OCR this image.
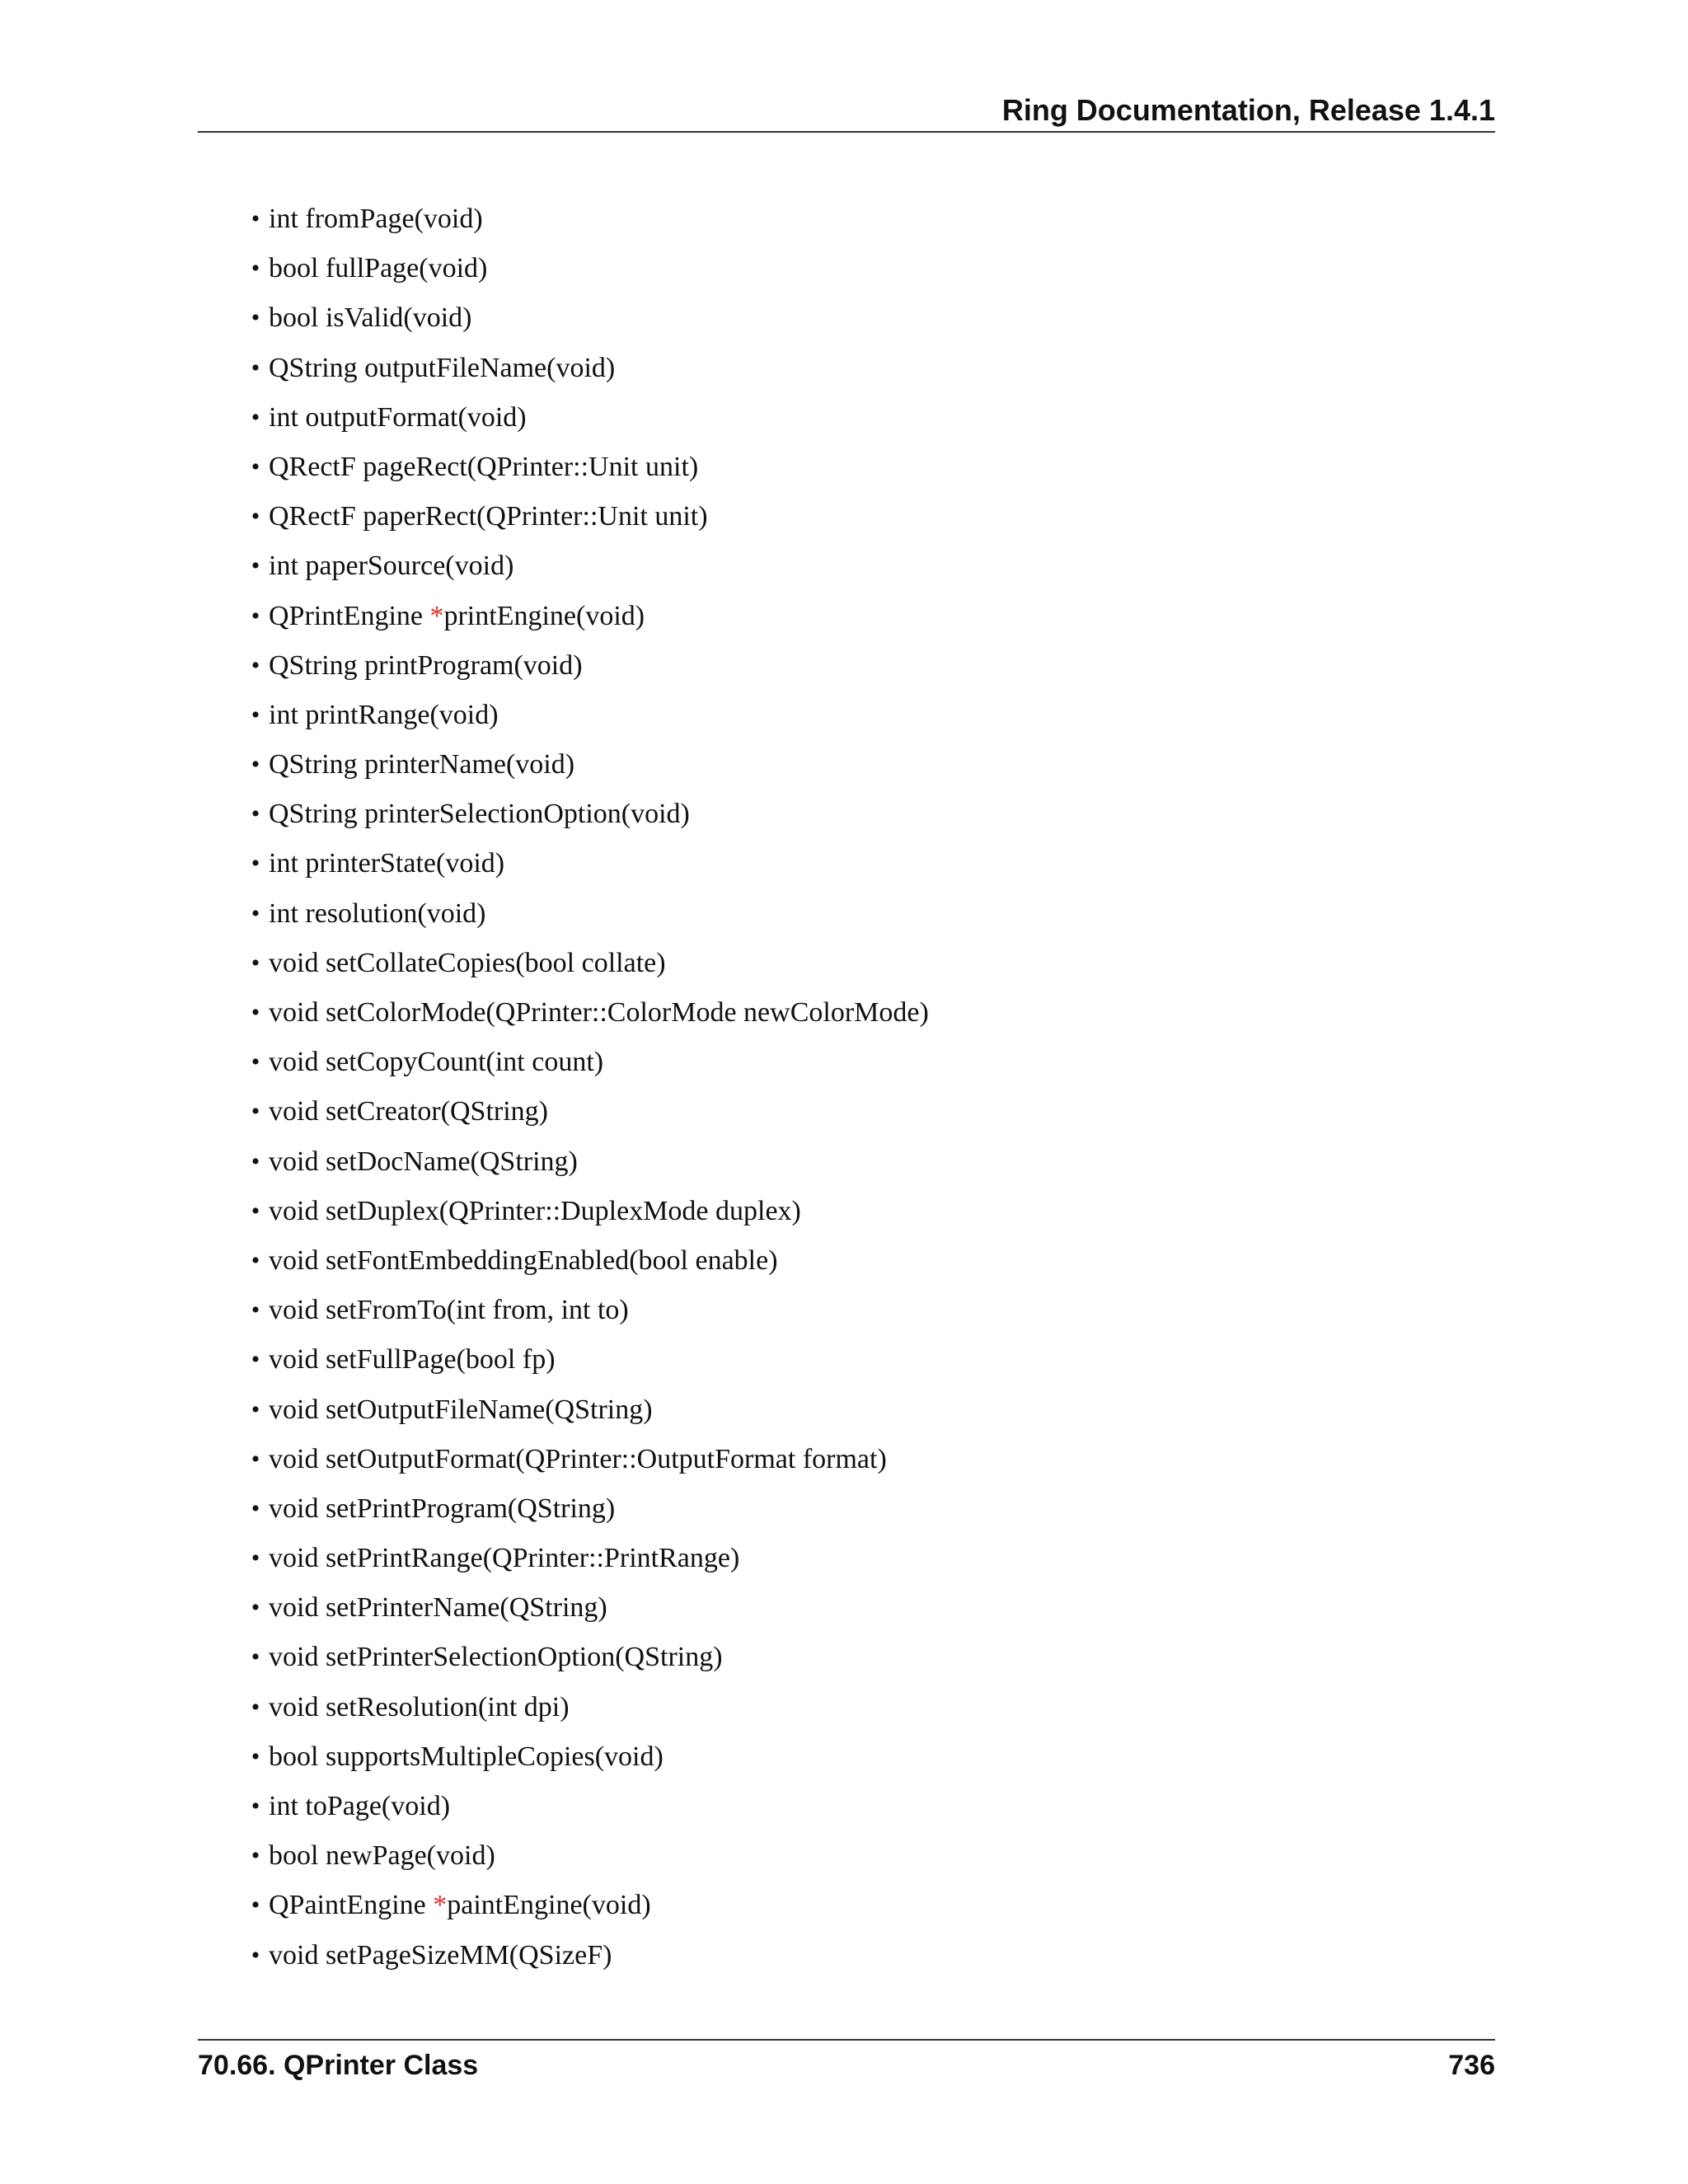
Ring Documentation, Release 1.4.1
• int fromPage(void)
• bool fullPage(void)
• bool isValid(void)
• QString outputFileName(void)
• int outputFormat(void)
• QRectF pageRect(QPrinter::Unit unit)
• QRectF paperRect(QPrinter::Unit unit)
• int paperSource(void)
• QPrintEngine *printEngine(void)
• QString printProgram(void)
• int printRange(void)
• QString printerName(void)
• QString printerSelectionOption(void)
• int printerState(void)
• int resolution(void)
• void setCollateCopies(bool collate)
• void setColorMode(QPrinter::ColorMode newColorMode)
• void setCopyCount(int count)
• void setCreator(QString)
• void setDocName(QString)
• void setDuplex(QPrinter::DuplexMode duplex)
• void setFontEmbeddingEnabled(bool enable)
• void setFromTo(int from, int to)
• void setFullPage(bool fp)
• void setOutputFileName(QString)
• void setOutputFormat(QPrinter::OutputFormat format)
• void setPrintProgram(QString)
• void setPrintRange(QPrinter::PrintRange)
• void setPrinterName(QString)
• void setPrinterSelectionOption(QString)
• void setResolution(int dpi)
• bool supportsMultipleCopies(void)
• int toPage(void)
• bool newPage(void)
• QPaintEngine *paintEngine(void)
• void setPageSizeMM(QSizeF)
70.66. QPrinter Class	736
